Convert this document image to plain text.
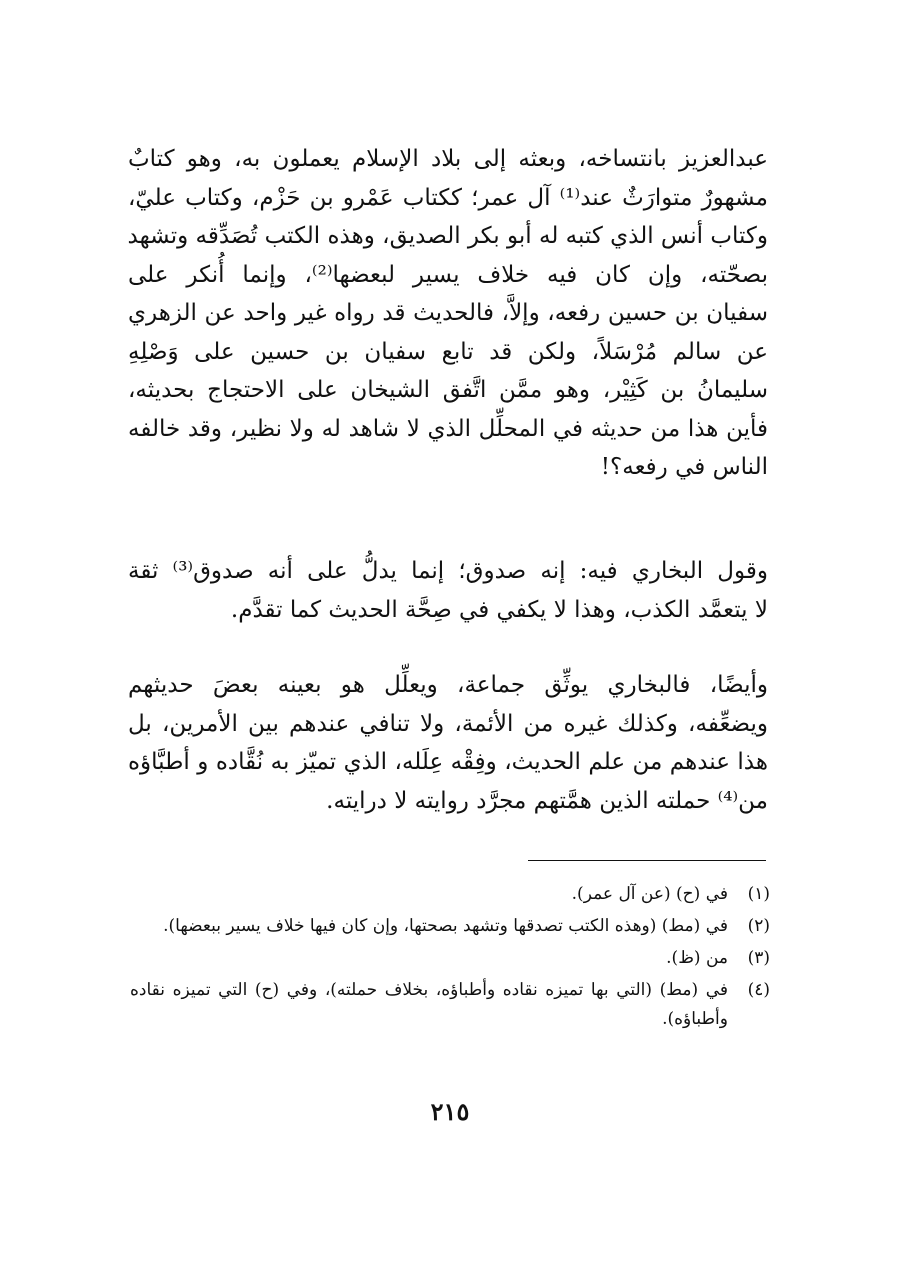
عبدالعزيز بانتساخه، وبعثه إلى بلاد الإسلام يعملون به، وهو كتابٌ
مشهورٌ متوارَثٌ عند⁽¹⁾ آل عمر؛ ككتاب عَمْرو بن حَزْم، وكتاب عليّ،
وكتاب أنس الذي كتبه له أبو بكر الصديق، وهذه الكتب تُصَدِّقه وتشهد
بصحّته، وإن كان فيه خلاف يسير لبعضها⁽²⁾، وإنما أُنكر على
سفيان بن حسين رفعه، وإلاَّ، فالحديث قد رواه غير واحد عن الزهري
عن سالم مُرْسَلاً، ولكن قد تابع سفيان بن حسين على وَصْلِهِ
سليمانُ بن كَثِيْر، وهو ممَّن اتَّفق الشيخان على الاحتجاج بحديثه،
فأين هذا من حديثه في المحلِّل الذي لا شاهد له ولا نظير، وقد خالفه
الناس في رفعه؟!
وقول البخاري فيه: إنه صدوق؛ إنما يدلُّ على أنه صدوق⁽³⁾ ثقة
لا يتعمَّد الكذب، وهذا لا يكفي في صِحَّة الحديث كما تقدَّم.
وأيضًا، فالبخاري يوثِّق جماعة، ويعلِّل هو بعينه بعضَ حديثهم
ويضعِّفه، وكذلك غيره من الأئمة، ولا تنافي عندهم بين الأمرين، بل
هذا عندهم من علم الحديث، وفِقْه عِلَله، الذي تميّز به نُقَّاده و أطبَّاؤه
من⁽⁴⁾ حملته الذين همَّتهم مجرَّد روايته لا درايته.
(١)
في (ح) (عن آل عمر).
(٢)
في (مط) (وهذه الكتب تصدقها وتشهد بصحتها، وإن كان فيها خلاف يسير ببعضها).
(٣)
من (ظ).
(٤)
في (مط) (التي بها تميزه نقاده وأطباؤه، بخلاف حملته)، وفي (ح) التي تميزه نقاده وأطباؤه).
٢١٥
